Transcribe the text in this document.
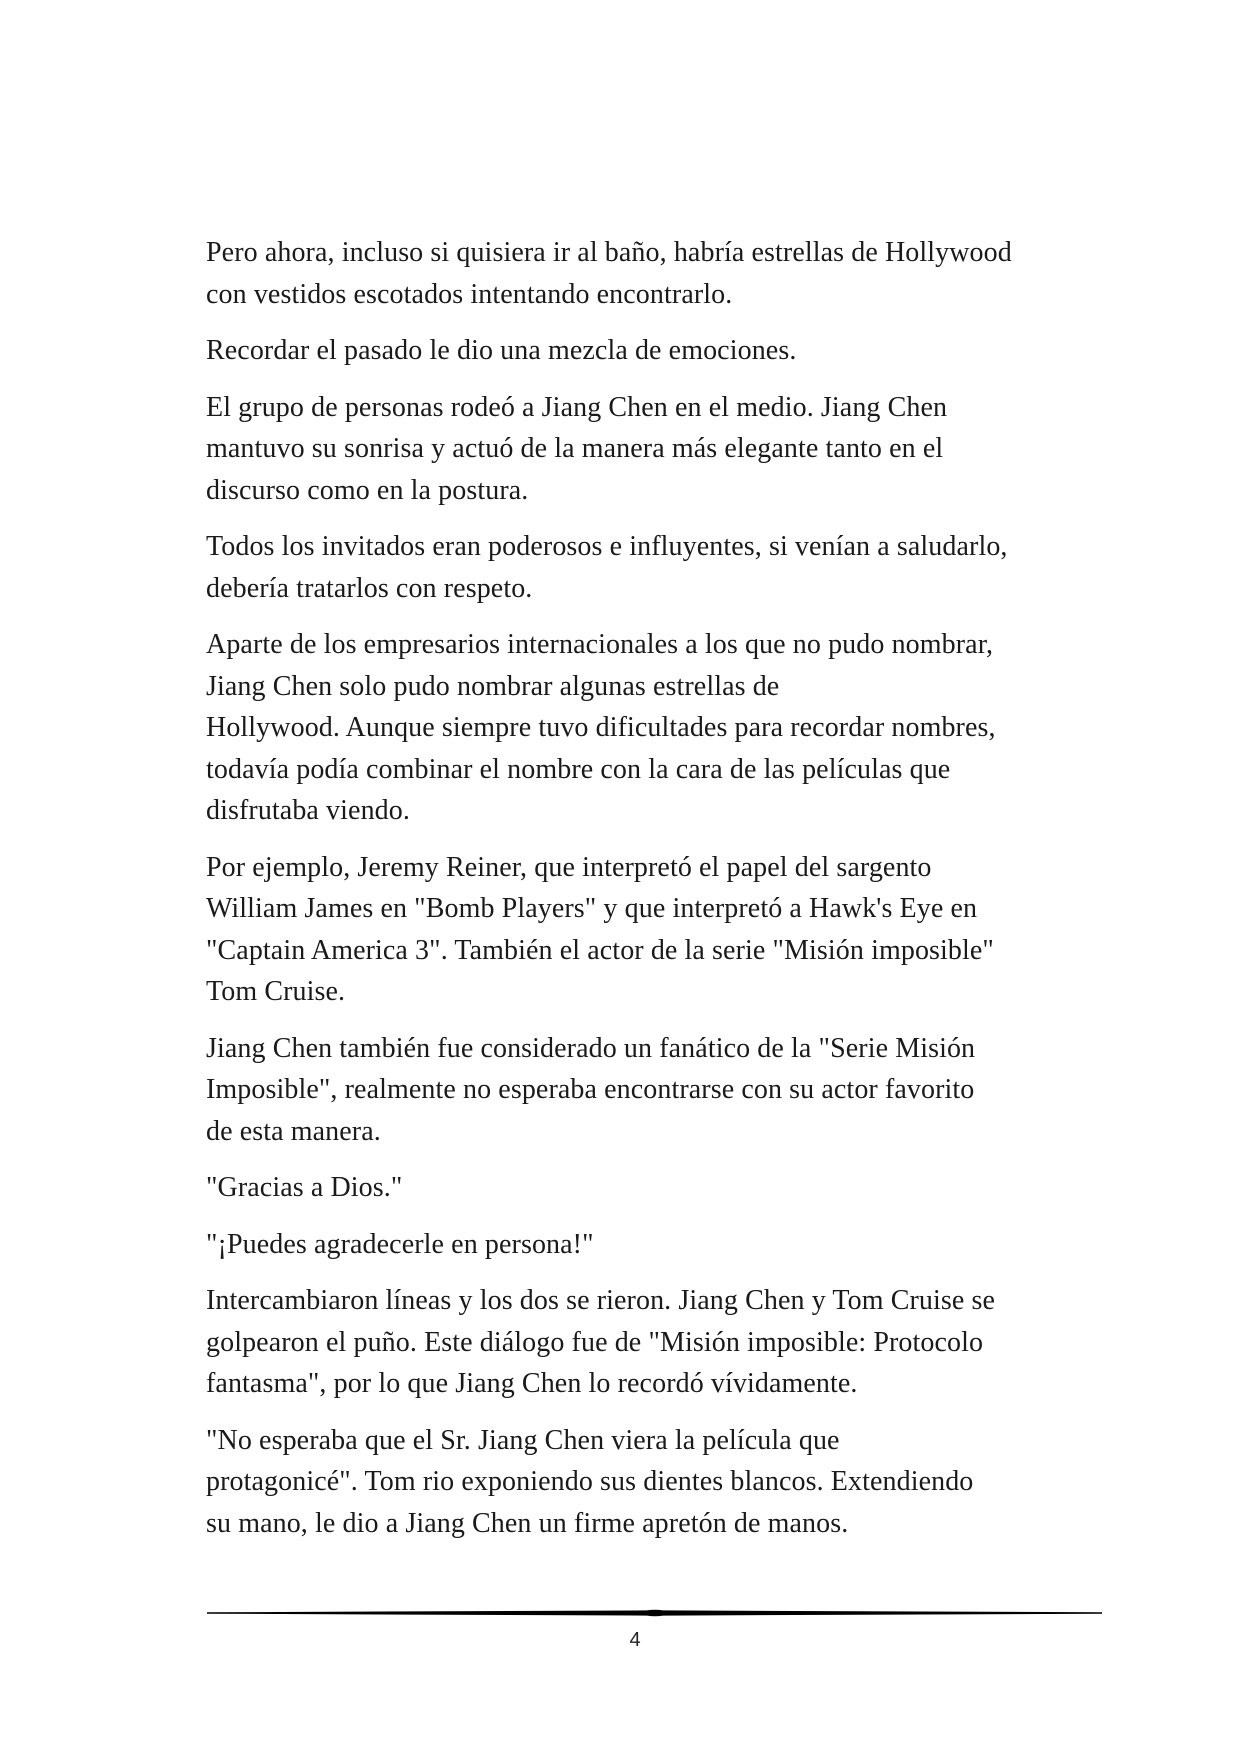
Pero ahora, incluso si quisiera ir al baño, habría estrellas de Hollywood
con vestidos escotados intentando encontrarlo.

Recordar el pasado le dio una mezcla de emociones.

El grupo de personas rodeó a Jiang Chen en el medio. Jiang Chen
mantuvo su sonrisa y actuó de la manera más elegante tanto en el
discurso como en la postura.

Todos los invitados eran poderosos e influyentes, si venían a saludarlo,
debería tratarlos con respeto.

Aparte de los empresarios internacionales a los que no pudo nombrar,
Jiang Chen solo pudo nombrar algunas estrellas de
Hollywood. Aunque siempre tuvo dificultades para recordar nombres,
todavía podía combinar el nombre con la cara de las películas que
disfrutaba viendo.

Por ejemplo, Jeremy Reiner, que interpretó el papel del sargento
William James en "Bomb Players" y que interpretó a Hawk's Eye en
"Captain America 3". También el actor de la serie "Misión imposible"
Tom Cruise.

Jiang Chen también fue considerado un fanático de la "Serie Misión
Imposible", realmente no esperaba encontrarse con su actor favorito
de esta manera.

"Gracias a Dios."

"¡Puedes agradecerle en persona!"

Intercambiaron líneas y los dos se rieron. Jiang Chen y Tom Cruise se
golpearon el puño. Este diálogo fue de "Misión imposible: Protocolo
fantasma", por lo que Jiang Chen lo recordó vívidamente.

"No esperaba que el Sr. Jiang Chen viera la película que
protagonicé". Tom rio exponiendo sus dientes blancos. Extendiendo
su mano, le dio a Jiang Chen un firme apretón de manos.

4
